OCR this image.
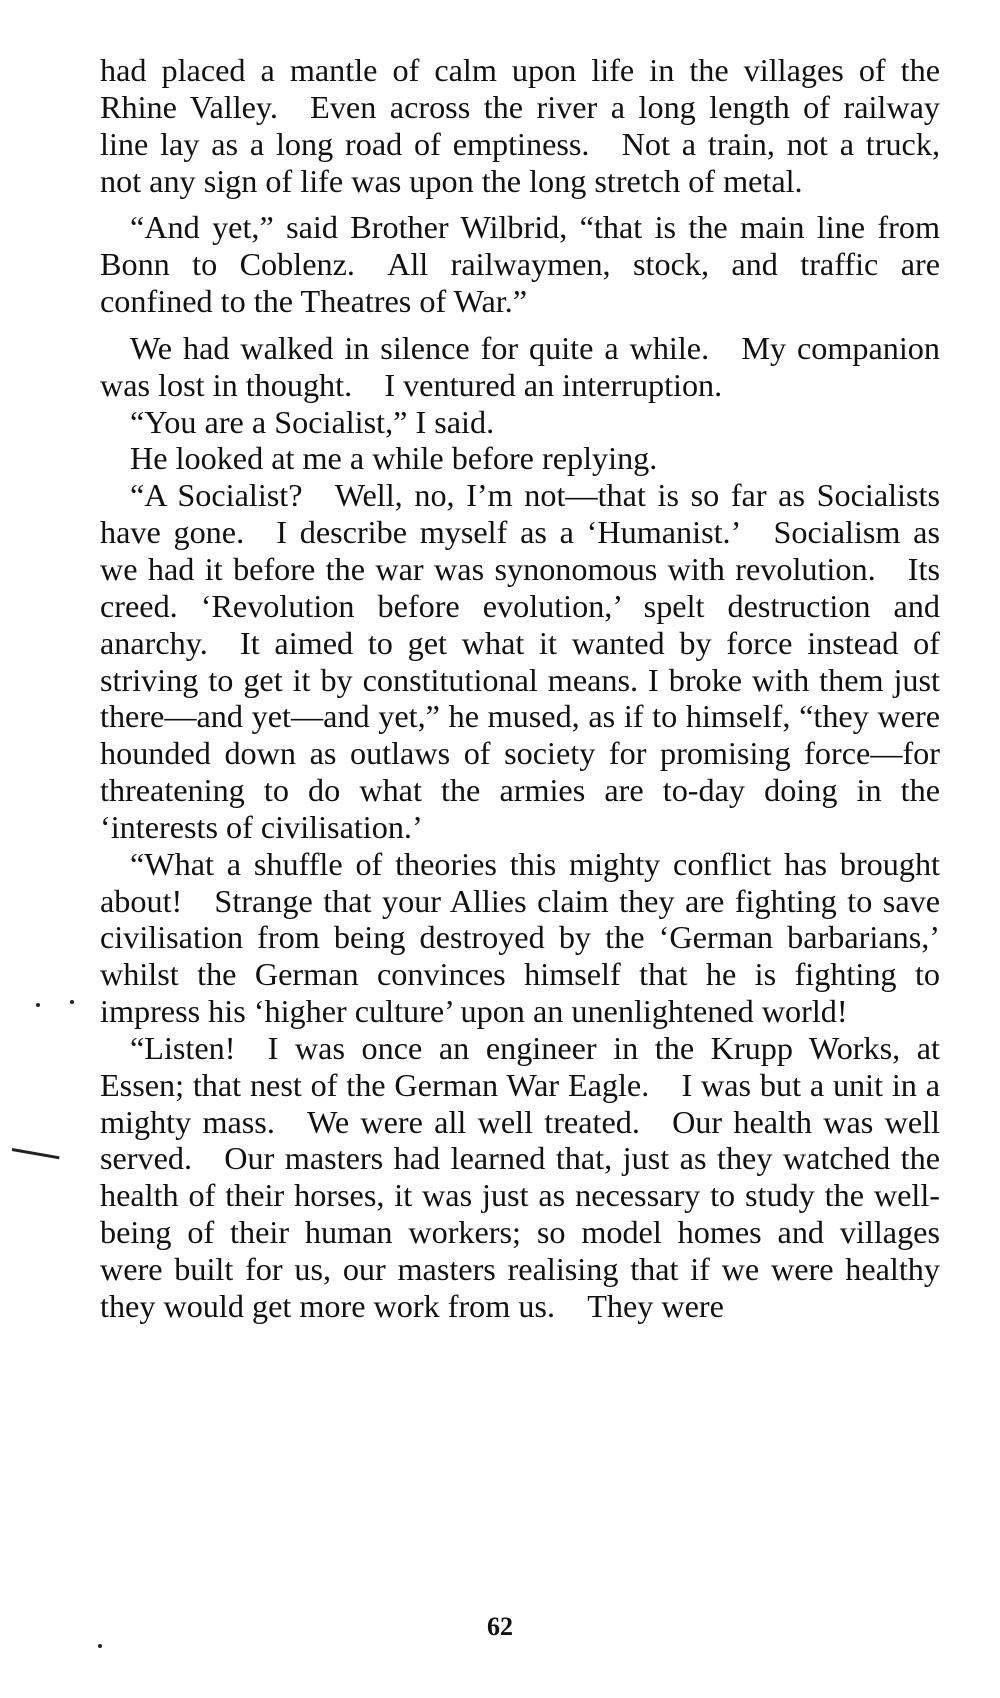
had placed a mantle of calm upon life in the villages of the Rhine Valley. Even across the river a long length of railway line lay as a long road of emptiness. Not a train, not a truck, not any sign of life was upon the long stretch of metal.

“And yet,” said Brother Wilbrid, “that is the main line from Bonn to Coblenz. All railwaymen, stock, and traffic are confined to the Theatres of War.”

We had walked in silence for quite a while. My companion was lost in thought. I ventured an interruption.

“You are a Socialist,” I said.

He looked at me a while before replying.

“A Socialist? Well, no, I’m not—that is so far as Socialists have gone. I describe myself as a ‘Humanist.’ Socialism as we had it before the war was synonomous with revolution. Its creed. ‘Revolution before evolution,’ spelt destruction and anarchy. It aimed to get what it wanted by force instead of striving to get it by constitutional means. I broke with them just there—and yet—and yet,” he mused, as if to himself, “they were hounded down as outlaws of society for promising force—for threatening to do what the armies are to-day doing in the ‘interests of civilisation.’

“What a shuffle of theories this mighty conflict has brought about! Strange that your Allies claim they are fighting to save civilisation from being destroyed by the ‘German barbarians,’ whilst the German convinces himself that he is fighting to impress his ‘higher culture’ upon an unenlightened world!

“Listen! I was once an engineer in the Krupp Works, at Essen; that nest of the German War Eagle. I was but a unit in a mighty mass. We were all well treated. Our health was well served. Our masters had learned that, just as they watched the health of their horses, it was just as necessary to study the well-being of their human workers; so model homes and villages were built for us, our masters realising that if we were healthy they would get more work from us. They were

62
